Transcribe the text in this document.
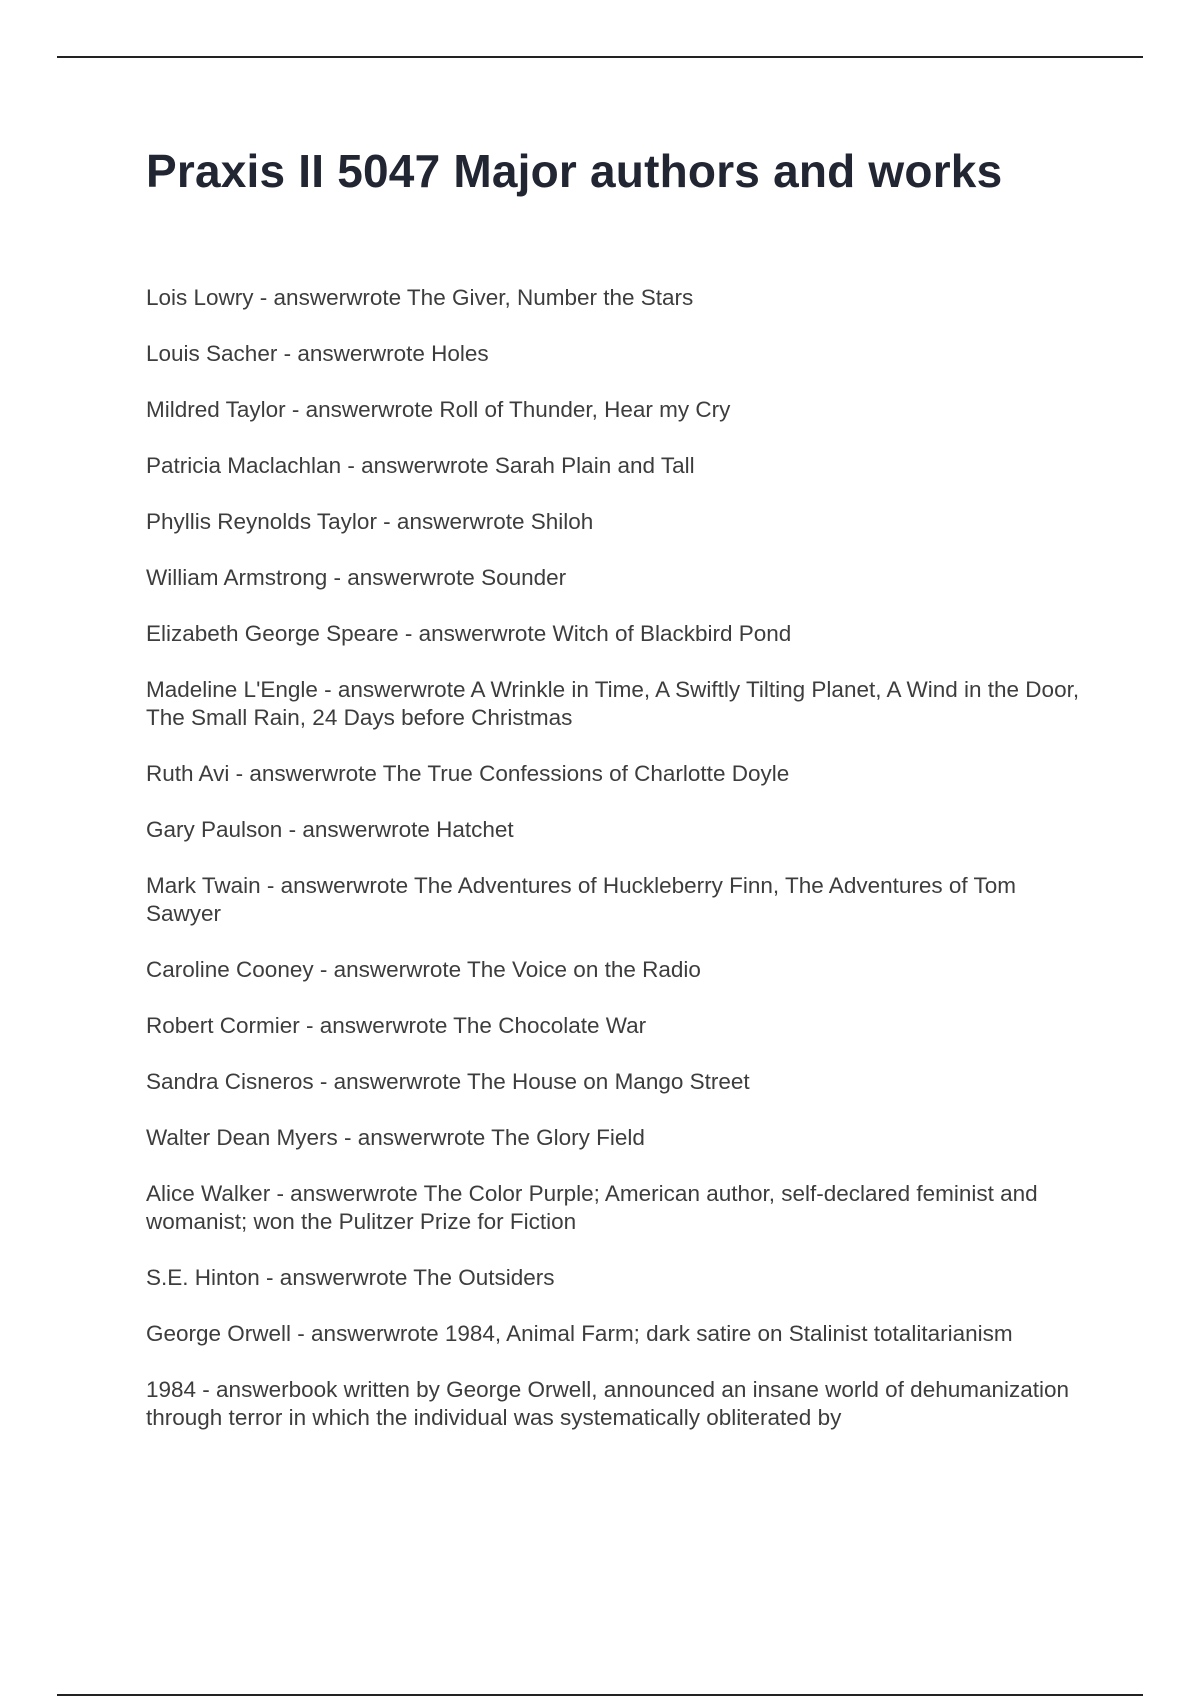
Praxis II 5047 Major authors and works
Lois Lowry - answerwrote The Giver, Number the Stars
Louis Sacher - answerwrote Holes
Mildred Taylor - answerwrote Roll of Thunder, Hear my Cry
Patricia Maclachlan - answerwrote Sarah Plain and Tall
Phyllis Reynolds Taylor - answerwrote Shiloh
William Armstrong - answerwrote Sounder
Elizabeth George Speare - answerwrote Witch of Blackbird Pond
Madeline L'Engle - answerwrote A Wrinkle in Time, A Swiftly Tilting Planet, A Wind in the Door, The Small Rain, 24 Days before Christmas
Ruth Avi - answerwrote The True Confessions of Charlotte Doyle
Gary Paulson - answerwrote Hatchet
Mark Twain - answerwrote The Adventures of Huckleberry Finn, The Adventures of Tom Sawyer
Caroline Cooney - answerwrote The Voice on the Radio
Robert Cormier - answerwrote The Chocolate War
Sandra Cisneros - answerwrote The House on Mango Street
Walter Dean Myers - answerwrote The Glory Field
Alice Walker - answerwrote The Color Purple; American author, self-declared feminist and womanist; won the Pulitzer Prize for Fiction
S.E. Hinton - answerwrote The Outsiders
George Orwell - answerwrote 1984, Animal Farm; dark satire on Stalinist totalitarianism
1984 - answerbook written by George Orwell, announced an insane world of dehumanization through terror in which the individual was systematically obliterated by
